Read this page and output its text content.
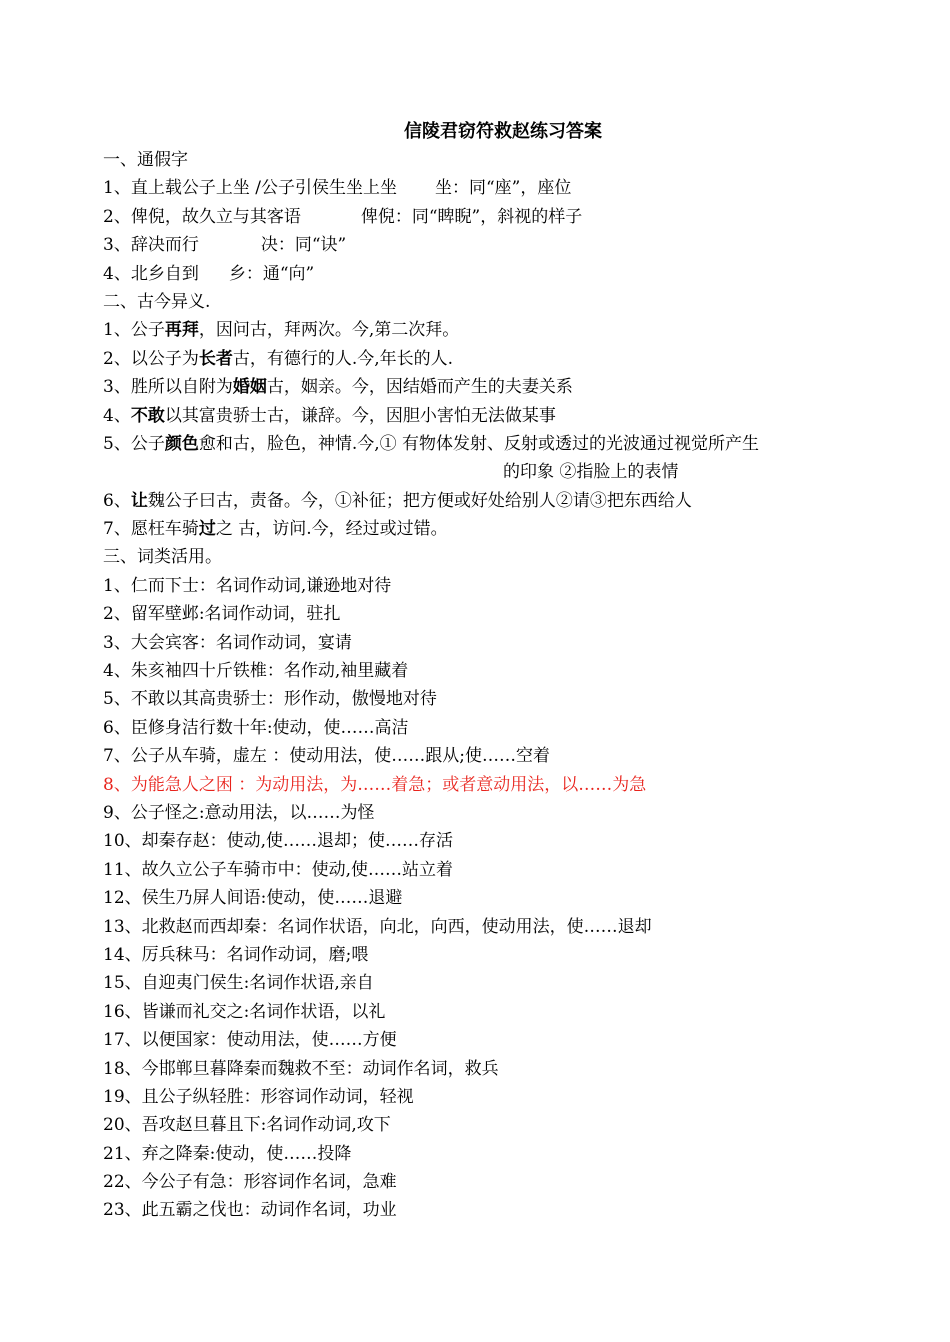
信陵君窃符救赵练习答案
一、通假字
1、直上载公子上坐 /公子引侯生坐上坐 坐：同“座”，座位
2、俾倪，故久立与其客语	俾倪：同“睥睨”，斜视的样子
3、辞决而行	决：同“诀”
4、北乡自到 乡：通“向”
二、古今异义.
1、公子再拜，因问古，拜两次。今,第二次拜。
2、以公子为长者古，有德行的人.今,年长的人.
3、胜所以自附为婚姻古，姻亲。今，因结婚而产生的夫妻关系
4、不敢以其富贵骄士古，谦辞。今，因胆小害怕无法做某事
5、公子颜色愈和古，脸色，神情.今,① 有物体发射、反射或透过的光波通过视觉所产生
的印象 ②指脸上的表情
6、让魏公子曰古，责备。今，①补征；把方便或好处给别人②请③把东西给人
7、愿枉车骑过之 古，访问.今，经过或过错。
三、词类活用。
1、仁而下士：名词作动词,谦逊地对待
2、留军壁邺:名词作动词，驻扎
3、大会宾客：名词作动词，宴请
4、朱亥袖四十斤铁椎：名作动,袖里藏着
5、不敢以其高贵骄士：形作动，傲慢地对待
6、臣修身洁行数十年:使动，使……高洁
7、公子从车骑，虚左 ：使动用法，使……跟从;使……空着
8、为能急人之困 ：为动用法，为……着急；或者意动用法，以……为急
9、公子怪之:意动用法，以……为怪
10、却秦存赵：使动,使……退却；使……存活
11、故久立公子车骑市中：使动,使……站立着
12、侯生乃屏人间语:使动，使……退避
13、北救赵而西却秦：名词作状语，向北，向西，使动用法，使……退却
14、厉兵秣马：名词作动词，磨;喂
15、自迎夷门侯生:名词作状语,亲自
16、皆谦而礼交之:名词作状语，以礼
17、以便国家：使动用法，使……方便
18、今邯郸旦暮降秦而魏救不至：动词作名词，救兵
19、且公子纵轻胜：形容词作动词，轻视
20、吾攻赵旦暮且下:名词作动词,攻下
21、弃之降秦:使动，使……投降
22、今公子有急：形容词作名词，急难
23、此五霸之伐也：动词作名词，功业
